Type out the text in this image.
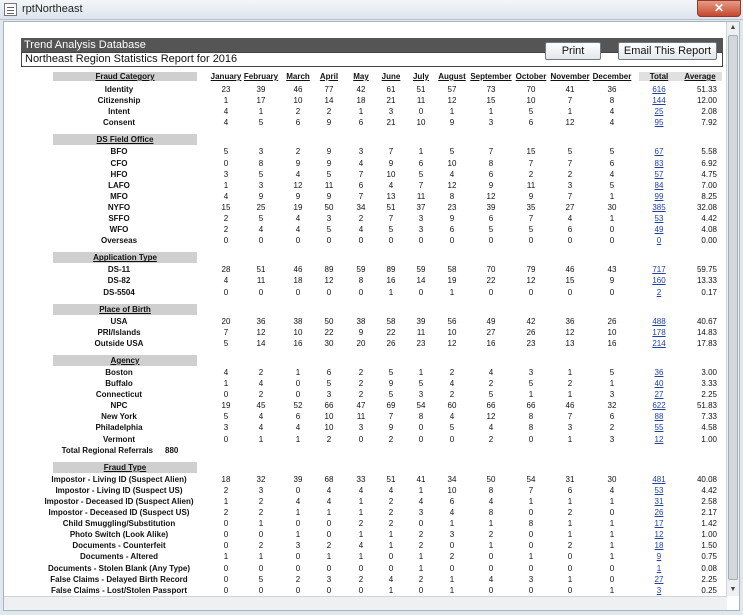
rptNortheast	✕
Trend Analysis Database
Northeast Region Statistics Report for 2016
Print	Email This Report
Fraud Category	January February	March	April	May	June	July	August September October November December	Total	Average
Identity	23	39	46	77	42	61	51	57	73	70	41	36	616	51.33
Citizenship	1	17	10	14	18	21	11	12	15	10	7	8	144	12.00
Intent	4	1	2	2	1	3	0	1	1	5	1	4	25	2.08
Consent	4	5	6	9	6	21	10	9	3	6	12	4	95	7.92
DS Field Office
BFO	5	3	2	9	3	7	1	5	7	15	5	5	67	5.58
CFO	0	8	9	9	4	9	6	10	8	7	7	6	83	6.92
HFO	3	5	4	5	7	10	5	4	6	2	2	4	57	4.75
LAFO	1	3	12	11	6	4	7	12	9	11	3	5	84	7.00
MFO	4	9	9	9	7	13	11	8	12	9	7	1	99	8.25
NYFO	15	25	19	50	34	51	37	23	39	35	27	30	385	32.08
SFFO	2	5	4	3	2	7	3	9	6	7	4	1	53	4.42
WFO	2	4	4	5	4	5	3	6	5	5	6	0	49	4.08
Overseas	0	0	0	0	0	0	0	0	0	0	0	0	0	0.00
Application Type
DS-11	28	51	46	89	59	89	59	58	70	79	46	43	717	59.75
DS-82	4	11	18	12	8	16	14	19	22	12	15	9	160	13.33
DS-5504	0	0	0	0	0	1	0	1	0	0	0	0	2	0.17
Place of Birth
USA	20	36	38	50	38	58	39	56	49	42	36	26	488	40.67
PRI/Islands	7	12	10	22	9	22	11	10	27	26	12	10	178	14.83
Outside USA	5	14	16	30	20	26	23	12	16	23	13	16	214	17.83
Agency
Boston	4	2	1	6	2	5	1	2	4	3	1	5	36	3.00
Buffalo	1	4	0	5	2	9	5	4	2	5	2	1	40	3.33
Connecticut	0	2	0	3	2	5	3	2	5	1	1	3	27	2.25
NPC	19	45	52	66	47	69	54	60	66	66	46	32	622	51.83
New York	5	4	6	10	11	7	8	4	12	8	7	6	88	7.33
Philadelphia	3	4	4	10	3	9	0	5	4	8	3	2	55	4.58
Vermont	0	1	1	2	0	2	0	0	2	0	1	3	12	1.00
Total Regional Referrals 880
Fraud Type
Impostor - Living ID (Suspect Alien)	18	32	39	68	33	51	41	34	50	54	31	30	481	40.08
Impostor - Living ID (Suspect US)	2	3	0	4	4	4	1	10	8	7	6	4	53	4.42
Impostor - Deceased ID (Suspect Alien)	1	2	4	4	1	2	4	6	4	1	1	1	31	2.58
Impostor - Deceased ID (Suspect US)	2	2	1	1	1	2	3	4	8	0	2	0	26	2.17
Child Smuggling/Substitution	0	1	0	0	2	2	0	1	1	8	1	1	17	1.42
Photo Switch (Look Alike)	0	0	1	0	1	1	2	3	2	0	1	1	12	1.00
Documents - Counterfeit	0	2	3	2	4	1	2	0	1	0	2	1	18	1.50
Documents - Altered	1	1	0	1	1	0	1	2	0	1	0	1	9	0.75
Documents - Stolen Blank (Any Type)	0	0	0	0	0	0	1	0	0	0	0	0	1	0.08
False Claims - Delayed Birth Record	0	5	2	3	2	4	2	1	4	3	1	0	27	2.25
False Claims - Lost/Stolen Passport	0	0	0	0	0	1	0	1	0	0	0	1	3	0.25
▲
▼
